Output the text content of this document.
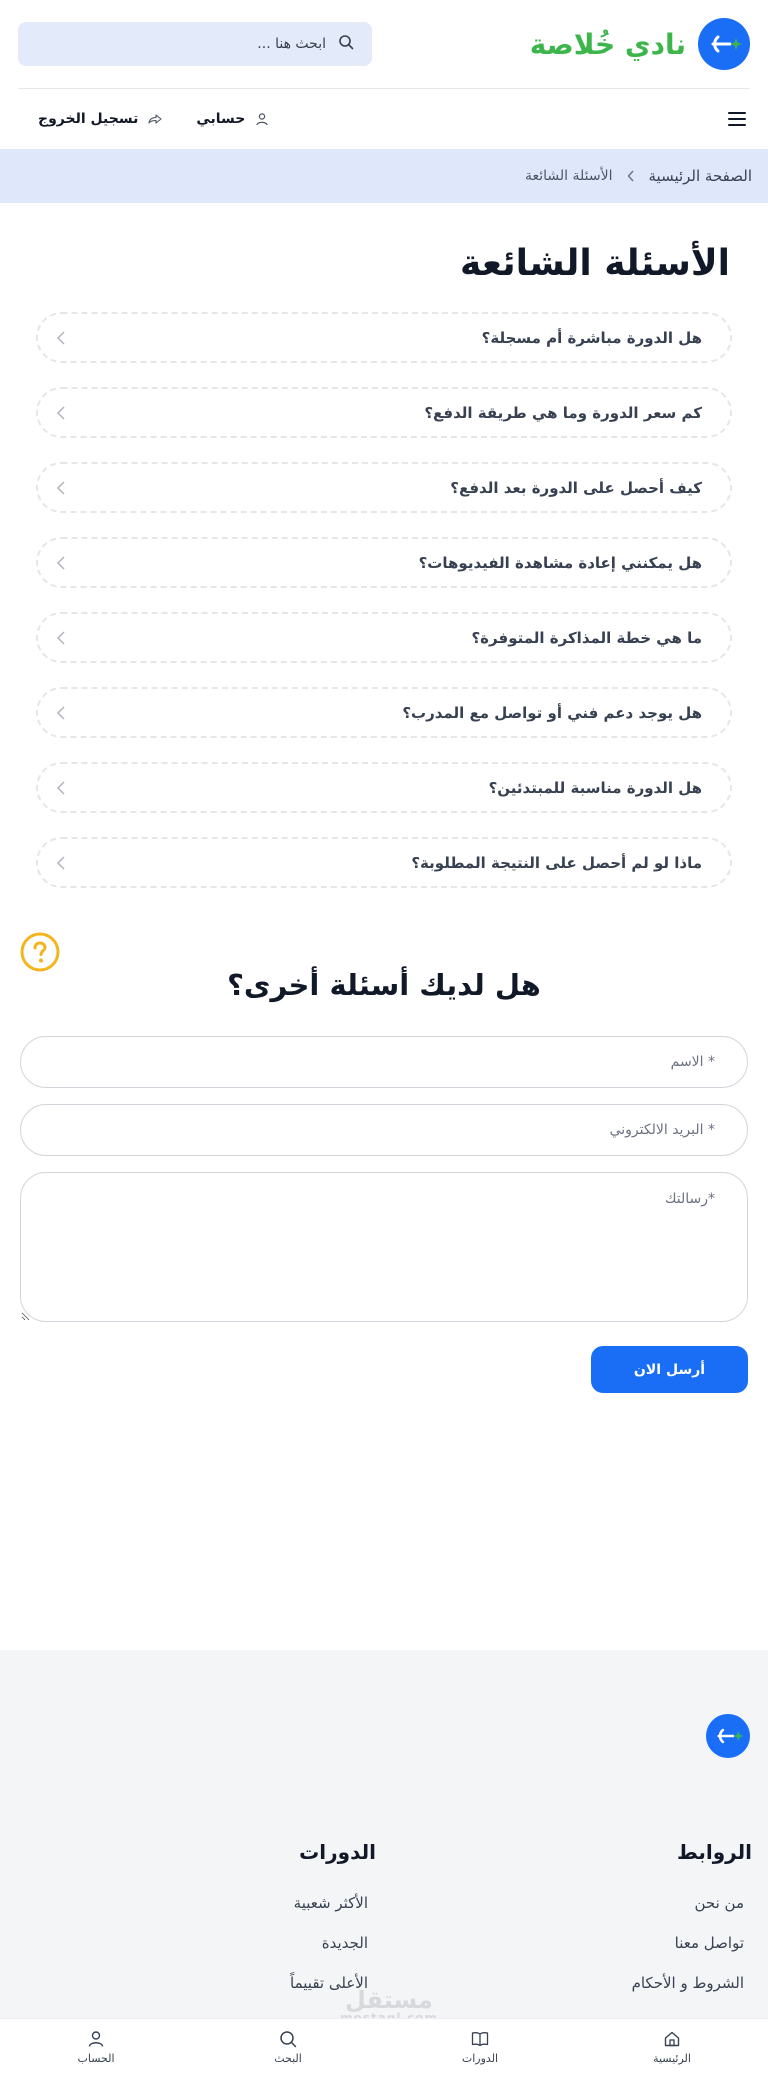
نادي خُلاصة
ابحث هنا ...
حسابي
تسجيل الخروج
الصفحة الرئيسية
الأسئلة الشائعة
الأسئلة الشائعة
هل الدورة مباشرة أم مسجلة؟
كم سعر الدورة وما هي طريقة الدفع؟
كيف أحصل على الدورة بعد الدفع؟
هل يمكنني إعادة مشاهدة الفيديوهات؟
ما هي خطة المذاكرة المتوفرة؟
هل يوجد دعم فني أو تواصل مع المدرب؟
هل الدورة مناسبة للمبتدئين؟
ماذا لو لم أحصل على النتيجة المطلوبة؟
هل لديك أسئلة أخرى؟
* الاسم
* البريد الالكتروني
*رسالتك
أرسل الان
الروابط
من نحن
تواصل معنا
الشروط و الأحكام
الدورات
الأكثر شعبية
الجديدة
الأعلى تقييماً
مستقل
الرئيسية
الدورات
البحث
الحساب
